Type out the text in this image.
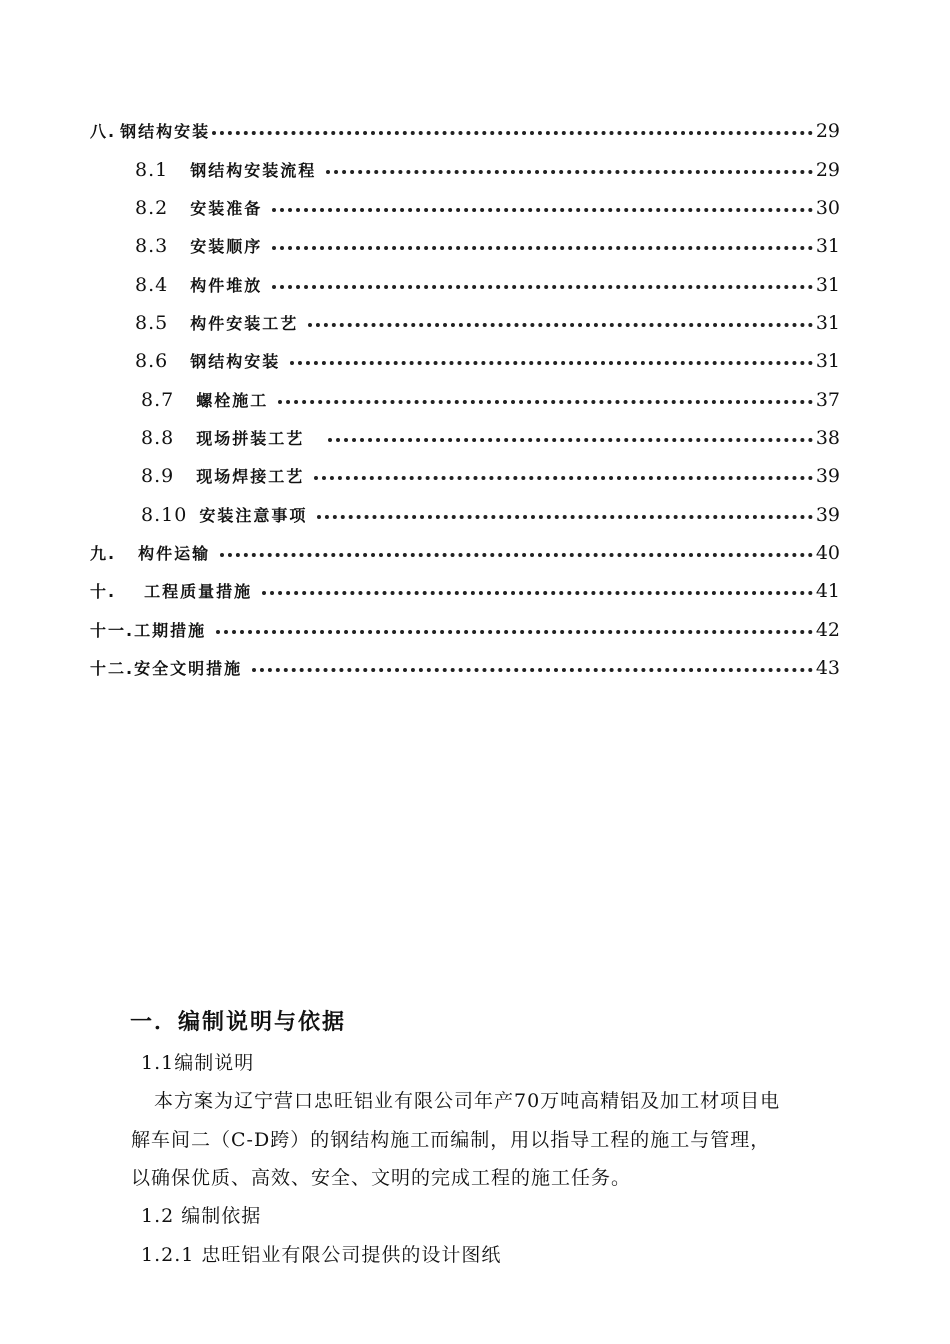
八. 钢结构安装	29
8.1 钢结构安装流程	29
8.2 安装准备	30
8.3 安装顺序	31
8.4 构件堆放	31
8.5 构件安装工艺	31
8.6 钢结构安装	31
8.7 螺栓施工	37
8.8 现场拼装工艺	38
8.9 现场焊接工艺	39
8.10 安装注意事项	39
九. 构件运输	40
十. 工程质量措施	41
十一. 工期措施	42
十二. 安全文明措施	43
一．编制说明与依据
1.1编制说明
本方案为辽宁营口忠旺铝业有限公司年产70万吨高精铝及加工材项目电
解车间二（C-D跨）的钢结构施工而编制，用以指导工程的施工与管理，
以确保优质、高效、安全、文明的完成工程的施工任务。
1.2 编制依据
1.2.1 忠旺铝业有限公司提供的设计图纸
